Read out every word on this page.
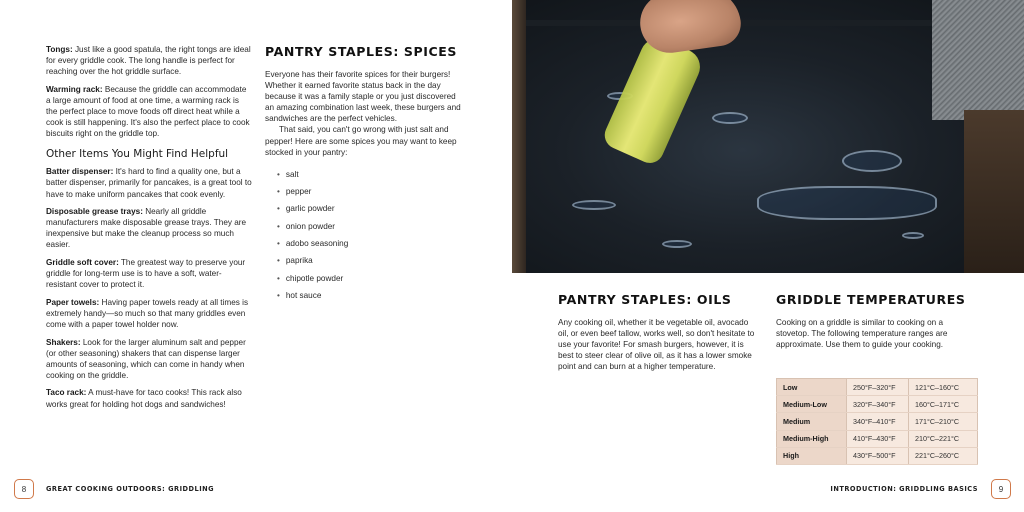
Tongs: Just like a good spatula, the right tongs are ideal for every griddle cook. The long handle is perfect for reaching over the hot griddle surface.

Warming rack: Because the griddle can accommodate a large amount of food at one time, a warming rack is the perfect place to move foods off direct heat while a cook is still happening. It's also the perfect place to cook biscuits right on the griddle top.

Other Items You Might Find Helpful

Batter dispenser: It's hard to find a quality one, but a batter dispenser, primarily for pancakes, is a great tool to have to make uniform pancakes that cook evenly.

Disposable grease trays: Nearly all griddle manufacturers make disposable grease trays. They are inexpensive but make the cleanup process so much easier.

Griddle soft cover: The greatest way to preserve your griddle for long-term use is to have a soft, water-resistant cover to protect it.

Paper towels: Having paper towels ready at all times is extremely handy—so much so that many griddles even come with a paper towel holder now.

Shakers: Look for the larger aluminum salt and pepper (or other seasoning) shakers that can dispense larger amounts of seasoning, which can come in handy when cooking on the griddle.

Taco rack: A must-have for taco cooks! This rack also works great for holding hot dogs and sandwiches!

PANTRY STAPLES: SPICES

Everyone has their favorite spices for their burgers! Whether it earned favorite status back in the day because it was a family staple or you just discovered an amazing combination last week, these burgers and sandwiches are the perfect vehicles.

That said, you can't go wrong with just salt and pepper! Here are some spices you may want to keep stocked in your pantry:

• salt
• pepper
• garlic powder
• onion powder
• adobo seasoning
• paprika
• chipotle powder
• hot sauce
8	GREAT COOKING OUTDOORS: GRIDDLING
PANTRY STAPLES: OILS

Any cooking oil, whether it be vegetable oil, avocado oil, or even beef tallow, works well, so don't hesitate to use your favorite! For smash burgers, however, it is best to steer clear of olive oil, as it has a lower smoke point and can burn at a higher temperature.

GRIDDLE TEMPERATURES

Cooking on a griddle is similar to cooking on a stovetop. The following temperature ranges are approximate. Use them to guide your cooking.

Low	250°F–320°F	121°C–160°C
Medium-Low	320°F–340°F	160°C–171°C
Medium	340°F–410°F	171°C–210°C
Medium-High	410°F–430°F	210°C–221°C
High	430°F–500°F	221°C–260°C
INTRODUCTION: GRIDDLING BASICS	9
